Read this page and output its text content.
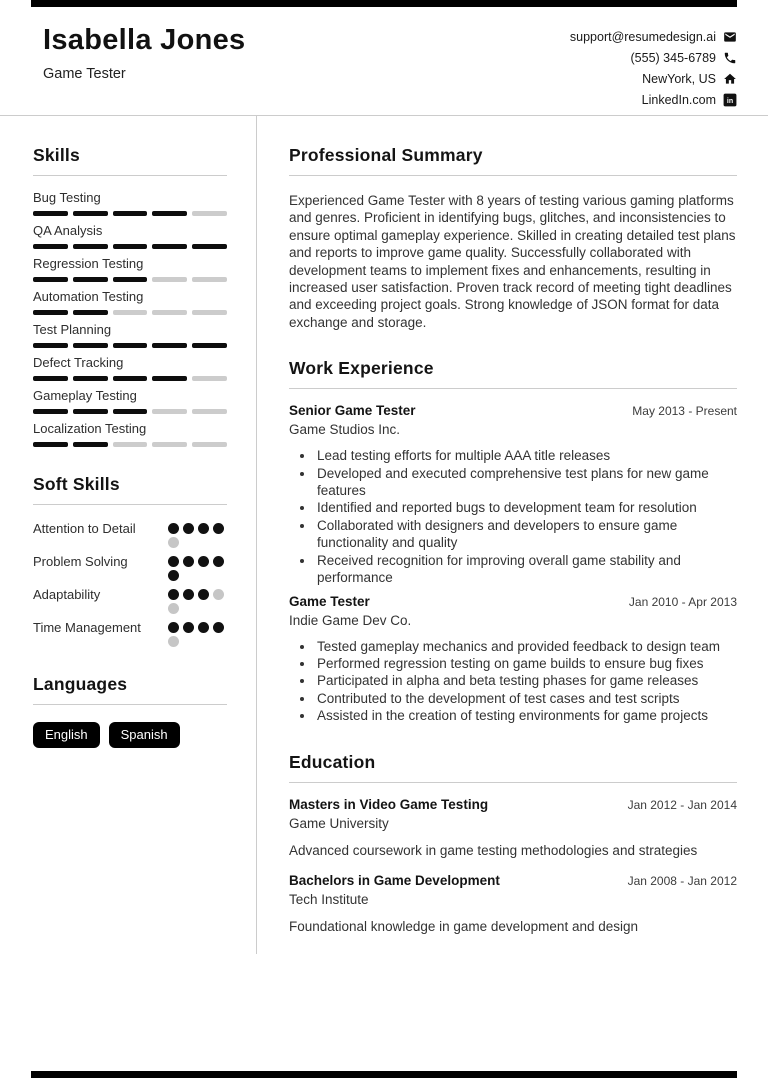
Isabella Jones
Game Tester
support@resumedesign.ai
(555) 345-6789
NewYork, US
LinkedIn.com in
Skills
Bug Testing
QA Analysis
Regression Testing
Automation Testing
Test Planning
Defect Tracking
Gameplay Testing
Localization Testing
Soft Skills
Attention to Detail
Problem Solving
Adaptability
Time Management
Languages
English	Spanish
Professional Summary

Experienced Game Tester with 8 years of testing various gaming platforms and genres. Proficient in identifying bugs, glitches, and inconsistencies to ensure optimal gameplay experience. Skilled in creating detailed test plans and reports to improve game quality. Successfully collaborated with development teams to implement fixes and enhancements, resulting in increased user satisfaction. Proven track record of meeting tight deadlines and exceeding project goals. Strong knowledge of JSON format for data exchange and storage.

Work Experience
Senior Game Tester	May 2013 - Present
Game Studios Inc.
• Lead testing efforts for multiple AAA title releases
• Developed and executed comprehensive test plans for new game features
• Identified and reported bugs to development team for resolution
• Collaborated with designers and developers to ensure game functionality and quality
• Received recognition for improving overall game stability and performance
Game Tester	Jan 2010 - Apr 2013
Indie Game Dev Co.
• Tested gameplay mechanics and provided feedback to design team
• Performed regression testing on game builds to ensure bug fixes
• Participated in alpha and beta testing phases for game releases
• Contributed to the development of test cases and test scripts
• Assisted in the creation of testing environments for game projects
Education
Masters in Video Game Testing	Jan 2012 - Jan 2014
Game University
Advanced coursework in game testing methodologies and strategies
Bachelors in Game Development	Jan 2008 - Jan 2012
Tech Institute
Foundational knowledge in game development and design
